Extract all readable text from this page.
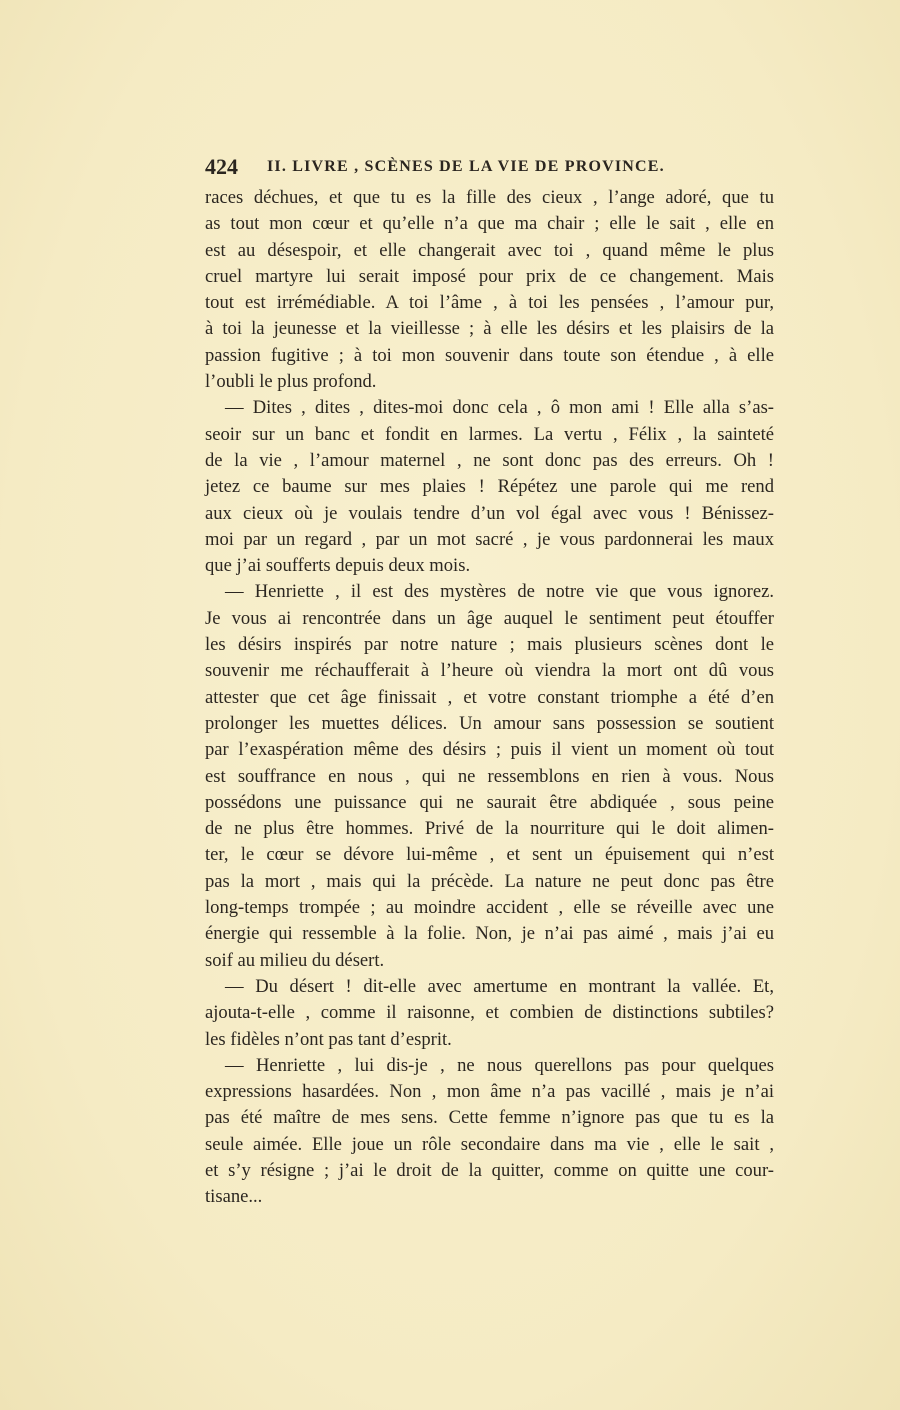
424 II. LIVRE , SCÈNES DE LA VIE DE PROVINCE.
races déchues, et que tu es la fille des cieux , l’ange adoré, que tu
as tout mon cœur et qu’elle n’a que ma chair ; elle le sait , elle en
est au désespoir, et elle changerait avec toi , quand même le plus
cruel martyre lui serait imposé pour prix de ce changement. Mais
tout est irrémédiable. A toi l’âme , à toi les pensées , l’amour pur,
à toi la jeunesse et la vieillesse ; à elle les désirs et les plaisirs de la
passion fugitive ; à toi mon souvenir dans toute son étendue , à elle
l’oubli le plus profond.
— Dites , dites , dites-moi donc cela , ô mon ami ! Elle alla s’as-
seoir sur un banc et fondit en larmes. La vertu , Félix , la sainteté
de la vie , l’amour maternel , ne sont donc pas des erreurs. Oh !
jetez ce baume sur mes plaies ! Répétez une parole qui me rend
aux cieux où je voulais tendre d’un vol égal avec vous ! Bénissez-
moi par un regard , par un mot sacré , je vous pardonnerai les maux
que j’ai soufferts depuis deux mois.
— Henriette , il est des mystères de notre vie que vous ignorez.
Je vous ai rencontrée dans un âge auquel le sentiment peut étouffer
les désirs inspirés par notre nature ; mais plusieurs scènes dont le
souvenir me réchaufferait à l’heure où viendra la mort ont dû vous
attester que cet âge finissait , et votre constant triomphe a été d’en
prolonger les muettes délices. Un amour sans possession se soutient
par l’exaspération même des désirs ; puis il vient un moment où tout
est souffrance en nous , qui ne ressemblons en rien à vous. Nous
possédons une puissance qui ne saurait être abdiquée , sous peine
de ne plus être hommes. Privé de la nourriture qui le doit alimen-
ter, le cœur se dévore lui-même , et sent un épuisement qui n’est
pas la mort , mais qui la précède. La nature ne peut donc pas être
long-temps trompée ; au moindre accident , elle se réveille avec une
énergie qui ressemble à la folie. Non, je n’ai pas aimé , mais j’ai eu
soif au milieu du désert.
— Du désert ! dit-elle avec amertume en montrant la vallée. Et,
ajouta-t-elle , comme il raisonne, et combien de distinctions subtiles?
les fidèles n’ont pas tant d’esprit.
— Henriette , lui dis-je , ne nous querellons pas pour quelques
expressions hasardées. Non , mon âme n’a pas vacillé , mais je n’ai
pas été maître de mes sens. Cette femme n’ignore pas que tu es la
seule aimée. Elle joue un rôle secondaire dans ma vie , elle le sait ,
et s’y résigne ; j’ai le droit de la quitter, comme on quitte une cour-
tisane...
